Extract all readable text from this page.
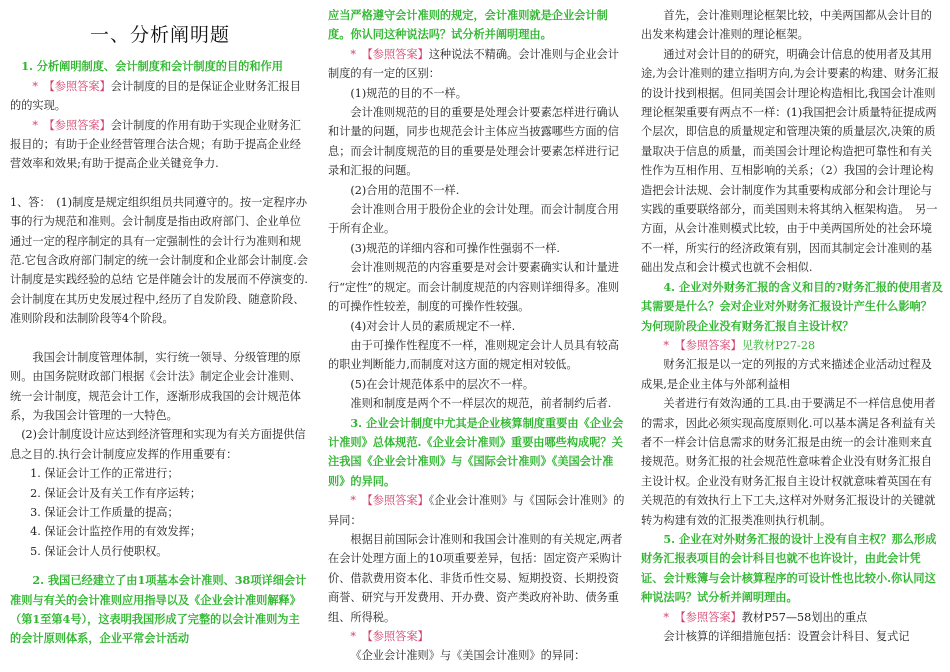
一、分析阐明题

1. 分析阐明制度、会计制度和会计制度的目的和作用

*　 【参照答案】会计制度的目的是保证企业财务汇报目的的实现。

*　 【参照答案】会计制度的作用有助于实现企业财务汇报目的；有助于企业经营管理合法合规；有助于提高企业经营效率和效果;有助于提高企业关键竞争力.

1、答：　(1)制度是规定组织组员共同遵守的。按一定程序办事的行为规范和准则。会计制度是指由政府部门、企业单位通过一定的程序制定的具有一定强制性的会计行为准则和规范.它包含政府部门制定的统一会计制度和企业部会计制度.会计制度是实践经验的总结 它是伴随会计的发展而不停演变的.会计制度在其历史发展过程中,经历了自发阶段、随意阶段、准则阶段和法制阶段等4个阶段。

我国会计制度管理体制，实行统一领导、分级管理的原则。由国务院财政部门根据《会计法》制定企业会计准则、统一会计制度，规范会计工作，逐渐形成我国的会计规范体系，为我国会计管理的一大特色。

(2)会计制度设计应达到经济管理和实现为有关方面提供信息之目的.执行会计制度应发挥的作用重要有：

1. 保证会计工作的正常进行；

2. 保证会计及有关工作有序运转；

3. 保证会计工作质量的提高；

4. 保证会计监控作用的有效发挥；

5. 保证会计人员行使职权。

2. 我国已经建立了由1项基本会计准则、38项详细会计准则与有关的会计准则应用指导以及《企业会计准则解释》（第1至第4号），这表明我国形成了完整的以会计准则为主的会计原则体系，企业平常会计活动

应当严格遵守会计准则的规定，会计准则就是企业会计制度。你认同这种说法吗？试分析并阐明理由。

*　 【参照答案】这种说法不精确。会计准则与企业会计制度的有一定的区别：

(1)规范的目的不一样。

会计准则规范的目的重要是处理会计要素怎样进行确认和计量的问题，同步也规范会计主体应当披露哪些方面的信息；而会计制度规范的目的重要是处理会计要素怎样进行记录和汇报的问题。

(2)合用的范围不一样.

会计准则合用于股份企业的会计处理。而会计制度合用于所有企业。

(3)规范的详细内容和可操作性强弱不一样.

会计准则规范的内容重要是对会计要素确实认和计量进行“定性”的规定。而会计制度规范的内容则详细得多。准则的可操作性较差，制度的可操作性较强。

(4)对会计人员的素质规定不一样.

由于可操作性程度不一样，准则规定会计人员具有较高的职业判断能力,而制度对这方面的规定相对较低。

(5)在会计规范体系中的层次不一样。

准则和制度是两个不一样层次的规范，前者制约后者.

3. 企业会计制度中尤其是企业核算制度重要由《企业会计准则》总体规范.《企业会计准则》重要由哪些构成呢？关注我国《企业会计准则》与《国际会计准则》《美国会计准则》的异同。

*　 【参照答案】《企业会计准则》与《国际会计准则》的异同：

根据目前国际会计准则和我国会计准则的有关规定,两者在会计处理方面上的10项重要差异，包括：固定资产采购计价、借款费用资本化、非货币性交易、短期投资、长期投资商誉、研究与开发费用、开办费、资产类政府补助、债务重组、所得税。

*　 【参照答案】

《企业会计准则》与《美国会计准则》的异同：

首先，会计准则理论框架比较，中美两国都从会计目的出发来构建会计准则的理论框架。

通过对会计目的的研究，明确会计信息的使用者及其用途,为会计准则的建立指明方向,为会计要素的构建、财务汇报的设计找到根据。但同美国会计理论构造相比,我国会计准则理论框架重要有两点不一样：(1)我国把会计质量特征提成两个层次，即信息的质量规定和管理决策的质量层次,决策的质量取决于信息的质量，而美国会计理论构造把可靠性和有关性作为互相作用、互相影响的关系；（2）我国的会计理论构造把会计法规、会计制度作为其重要构成部分和会计理论与实践的重要联络部分，而美国则未将其纳入框架构造。　另一方面，从会计准则模式比较，由于中美两国所处的社会环境不一样，所实行的经济政策有别，因而其制定会计准则的基础出发点和会计模式也就不会相似.

4. 企业对外财务汇报的含义和目的?财务汇报的使用者及其需要是什么？会对企业对外财务汇报设计产生什么影响？为何现阶段企业没有财务汇报自主设计权？

*　 【参照答案】见教材P27-28

财务汇报是以一定的列报的方式来描述企业活动过程及成果,是企业主体与外部利益相

关者进行有效沟通的工具.由于要满足不一样信息使用者的需求，因此必须实现高度原则化.可以基本满足各利益有关者不一样会计信息需求的财务汇报是由统一的会计准则来直接规范。财务汇报的社会规范性意味着企业没有财务汇报自主设计权。企业没有财务汇报自主设计权就意味着英国在有关规范的有效执行上下工夫,这样对外财务汇报设计的关键就转为构建有效的汇报类准则执行机制。

5. 企业在对外财务汇报的设计上没有自主权？那么形成财务汇报表项目的会计科目也就不也许设计，由此会计凭证、会计账簿与会计核算程序的可设计性也比较小.你认同这种说法吗？试分析并阐明理由。

*　 【参照答案】教材P57—58划出的重点

会计核算的详细措施包括：设置会计科目、复式记
